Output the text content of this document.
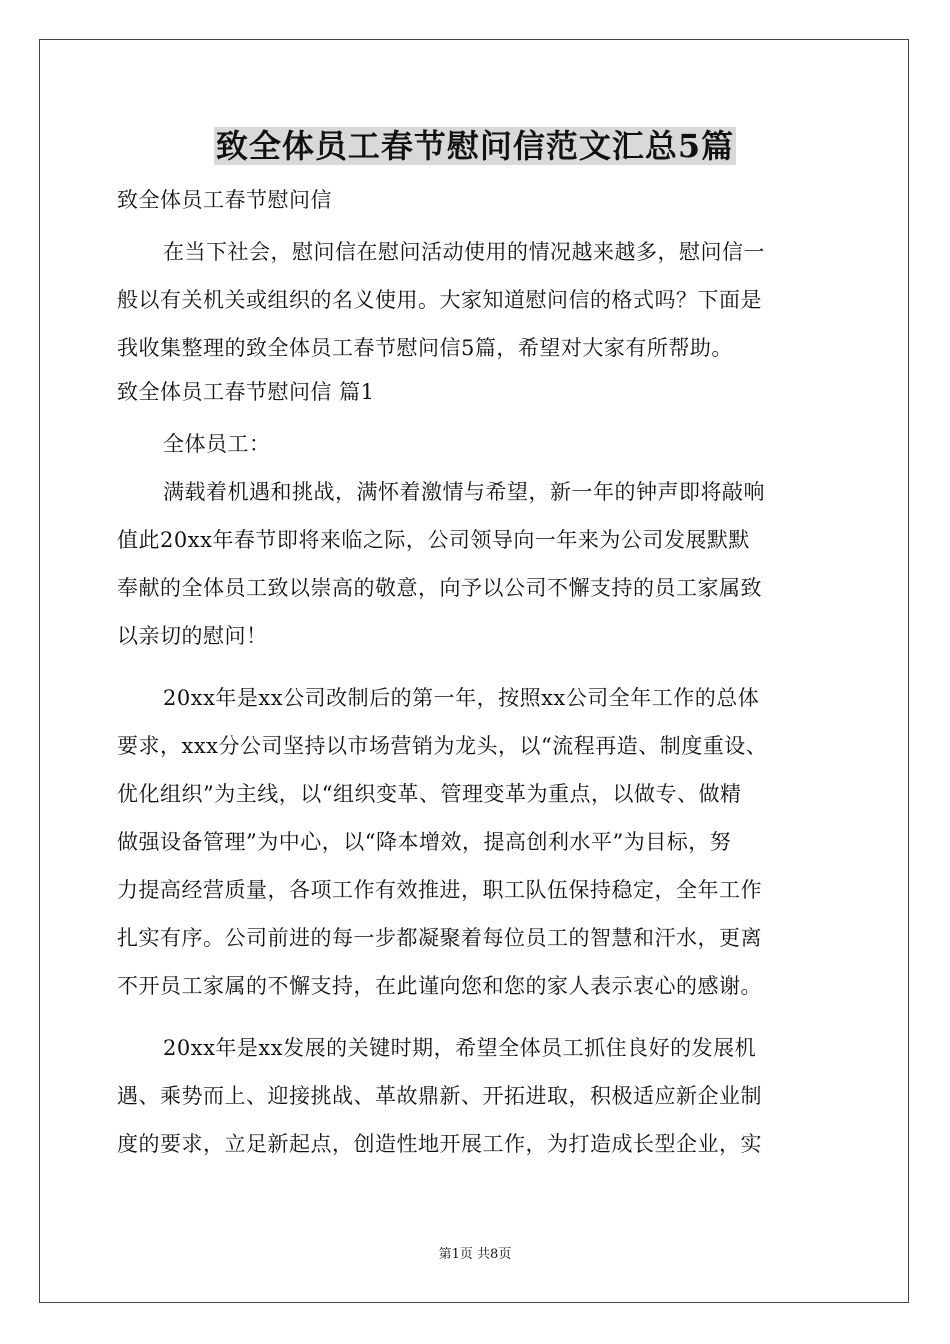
致全体员工春节慰问信范文汇总5篇
致全体员工春节慰问信
在当下社会，慰问信在慰问活动使用的情况越来越多，慰问信一
般以有关机关或组织的名义使用。大家知道慰问信的格式吗？下面是
我收集整理的致全体员工春节慰问信5篇，希望对大家有所帮助。
致全体员工春节慰问信 篇1
全体员工：
满载着机遇和挑战，满怀着激情与希望，新一年的钟声即将敲响
值此20xx年春节即将来临之际，公司领导向一年来为公司发展默默
奉献的全体员工致以崇高的敬意，向予以公司不懈支持的员工家属致
以亲切的慰问！
20xx年是xx公司改制后的第一年，按照xx公司全年工作的总体
要求，xxx分公司坚持以市场营销为龙头，以“流程再造、制度重设、
优化组织”为主线，以“组织变革、管理变革为重点，以做专、做精
做强设备管理”为中心，以“降本增效，提高创利水平”为目标，努
力提高经营质量，各项工作有效推进，职工队伍保持稳定，全年工作
扎实有序。公司前进的每一步都凝聚着每位员工的智慧和汗水，更离
不开员工家属的不懈支持，在此谨向您和您的家人表示衷心的感谢。
20xx年是xx发展的关键时期，希望全体员工抓住良好的发展机
遇、乘势而上、迎接挑战、革故鼎新、开拓进取，积极适应新企业制
度的要求，立足新起点，创造性地开展工作，为打造成长型企业，实
第1页 共8页
